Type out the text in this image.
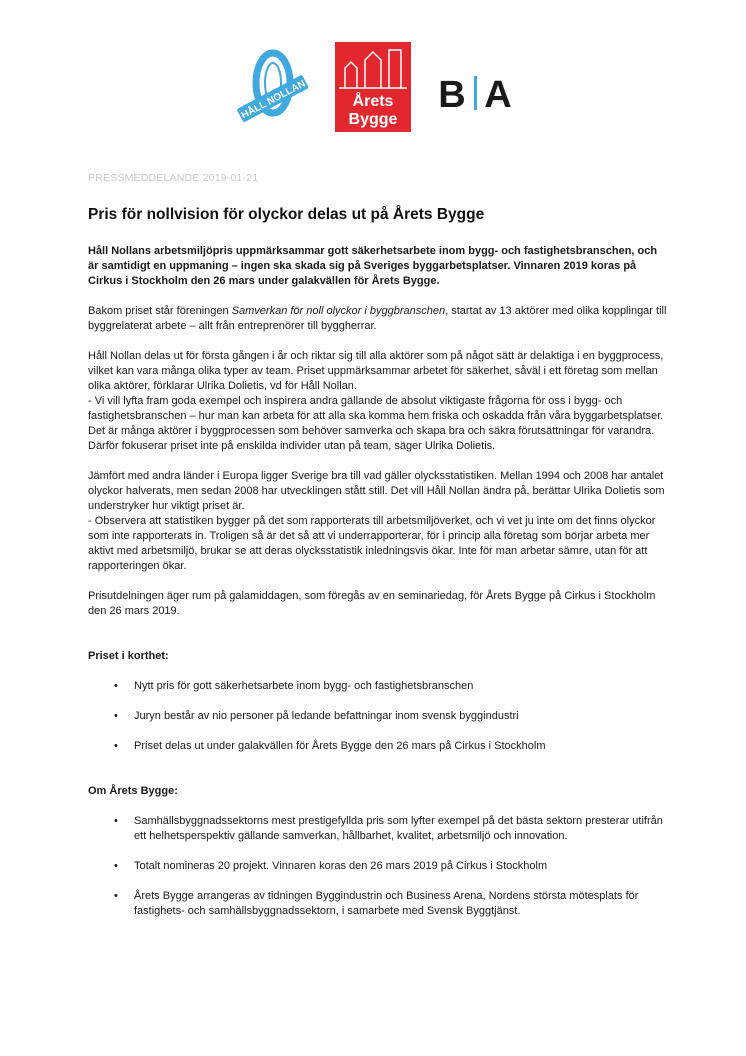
HÅLL NOLLAN	Årets
Bygge
B A
PRESSMEDDELANDE 2019-01-21
Pris för nollvision för olyckor delas ut på Årets Bygge

Håll Nollans arbetsmiljöpris uppmärksammar gott säkerhetsarbete inom bygg- och fastighetsbranschen, och är samtidigt en uppmaning – ingen ska skada sig på Sveriges byggarbetsplatser. Vinnaren 2019 koras på Cirkus i Stockholm den 26 mars under galakvällen för Årets Bygge.

Bakom priset står föreningen Samverkan för noll olyckor i byggbranschen, startat av 13 aktörer med olika kopplingar till byggrelaterat arbete – allt från entreprenörer till byggherrar.

Håll Nollan delas ut för första gången i år och riktar sig till alla aktörer som på något sätt är delaktiga i en byggprocess, vilket kan vara många olika typer av team. Priset uppmärksammar arbetet för säkerhet, såväl i ett företag som mellan olika aktörer, förklarar Ulrika Dolietis, vd för Håll Nollan.
- Vi vill lyfta fram goda exempel och inspirera andra gällande de absolut viktigaste frågorna för oss i bygg- och fastighetsbranschen – hur man kan arbeta för att alla ska komma hem friska och oskadda från våra byggarbetsplatser. Det är många aktörer i byggprocessen som behöver samverka och skapa bra och säkra förutsättningar för varandra. Därför fokuserar priset inte på enskilda individer utan på team, säger Ulrika Dolietis.

Jämfört med andra länder i Europa ligger Sverige bra till vad gäller olycksstatistiken. Mellan 1994 och 2008 har antalet olyckor halverats, men sedan 2008 har utvecklingen stått still. Det vill Håll Nollan ändra på, berättar Ulrika Dolietis som understryker hur viktigt priset är.
- Observera att statistiken bygger på det som rapporterats till arbetsmiljöverket, och vi vet ju inte om det finns olyckor som inte rapporterats in. Troligen så är det så att vi underrapporterar, för i princip alla företag som börjar arbeta mer aktivt med arbetsmiljö, brukar se att deras olycksstatistik inledningsvis ökar. Inte för man arbetar sämre, utan för att rapporteringen ökar.

Prisutdelningen äger rum på galamiddagen, som föregås av en seminariedag, för Årets Bygge på Cirkus i Stockholm den 26 mars 2019.

Priset i korthet:

• Nytt pris för gott säkerhetsarbete inom bygg- och fastighetsbranschen
• Juryn består av nio personer på ledande befattningar inom svensk byggindustri
• Priset delas ut under galakvällen för Årets Bygge den 26 mars på Cirkus i Stockholm

Om Årets Bygge:

• Samhällsbyggnadssektorns mest prestigefyllda pris som lyfter exempel på det bästa sektorn presterar utifrån ett helhetsperspektiv gällande samverkan, hållbarhet, kvalitet, arbetsmiljö och innovation.
• Totalt nomineras 20 projekt. Vinnaren koras den 26 mars 2019 på Cirkus i Stockholm
• Årets Bygge arrangeras av tidningen Byggindustrin och Business Arena, Nordens största mötesplats för fastighets- och samhällsbyggnadssektorn, i samarbete med Svensk Byggtjänst.
